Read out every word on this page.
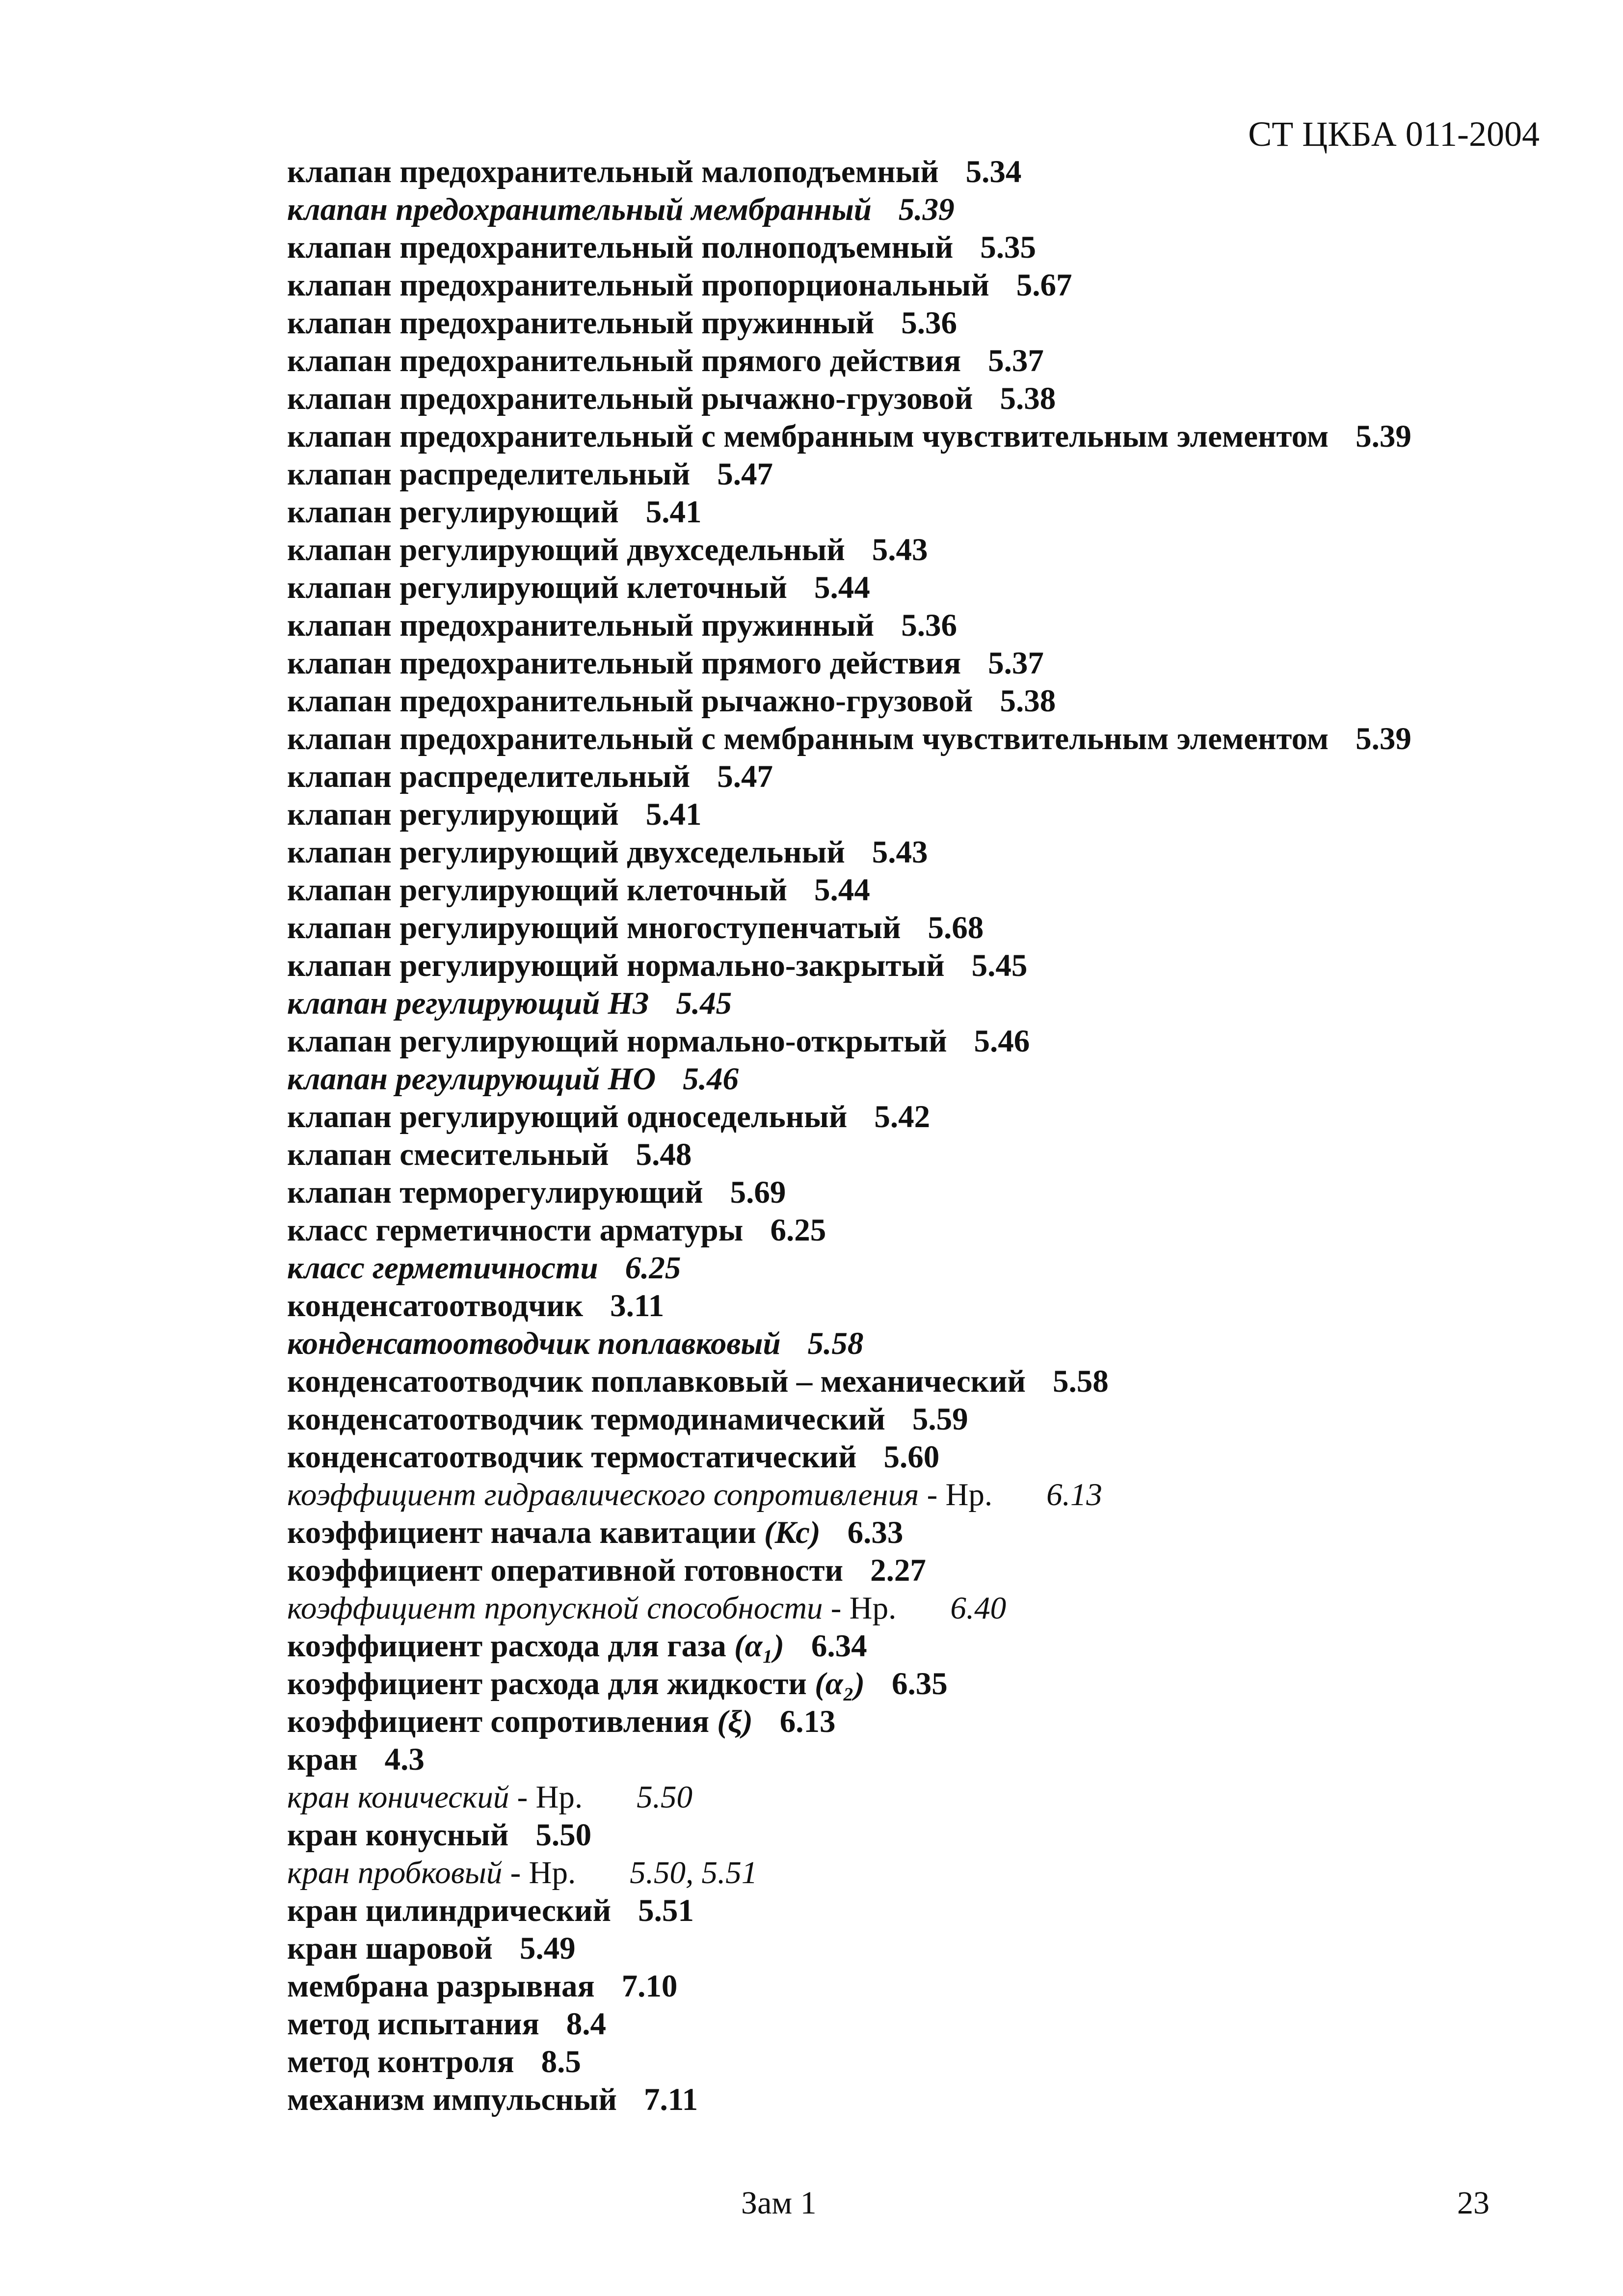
СТ ЦКБА 011-2004
клапан предохранительный малоподъемный 5.34
клапан предохранительный мембранный 5.39
клапан предохранительный полноподъемный 5.35
клапан предохранительный пропорциональный 5.67
клапан предохранительный пружинный 5.36
клапан предохранительный прямого действия 5.37
клапан предохранительный рычажно-грузовой 5.38
клапан предохранительный с мембранным чувствительным элементом 5.39
клапан распределительный 5.47
клапан регулирующий 5.41
клапан регулирующий двухседельный 5.43
клапан регулирующий клеточный 5.44
клапан предохранительный пружинный 5.36
клапан предохранительный прямого действия 5.37
клапан предохранительный рычажно-грузовой 5.38
клапан предохранительный с мембранным чувствительным элементом 5.39
клапан распределительный 5.47
клапан регулирующий 5.41
клапан регулирующий двухседельный 5.43
клапан регулирующий клеточный 5.44
клапан регулирующий многоступенчатый 5.68
клапан регулирующий нормально-закрытый 5.45
клапан регулирующий НЗ 5.45
клапан регулирующий нормально-открытый 5.46
клапан регулирующий НО 5.46
клапан регулирующий односедельный 5.42
клапан смесительный 5.48
клапан терморегулирующий 5.69
класс герметичности арматуры 6.25
класс герметичности 6.25
конденсатоотводчик 3.11
конденсатоотводчик поплавковый 5.58
конденсатоотводчик поплавковый – механический 5.58
конденсатоотводчик термодинамический 5.59
конденсатоотводчик термостатический 5.60
коэффициент гидравлического сопротивления - Нр. 6.13
коэффициент начала кавитации (Кс) 6.33
коэффициент оперативной готовности 2.27
коэффициент пропускной способности - Нр. 6.40
коэффициент расхода для газа (α₁) 6.34
коэффициент расхода для жидкости (α₂) 6.35
коэффициент сопротивления (ξ) 6.13
кран 4.3
кран конический - Нр. 5.50
кран конусный 5.50
кран пробковый - Нр. 5.50, 5.51
кран цилиндрический 5.51
кран шаровой 5.49
мембрана разрывная 7.10
метод испытания 8.4
метод контроля 8.5
механизм импульсный 7.11
Зам 1	23
